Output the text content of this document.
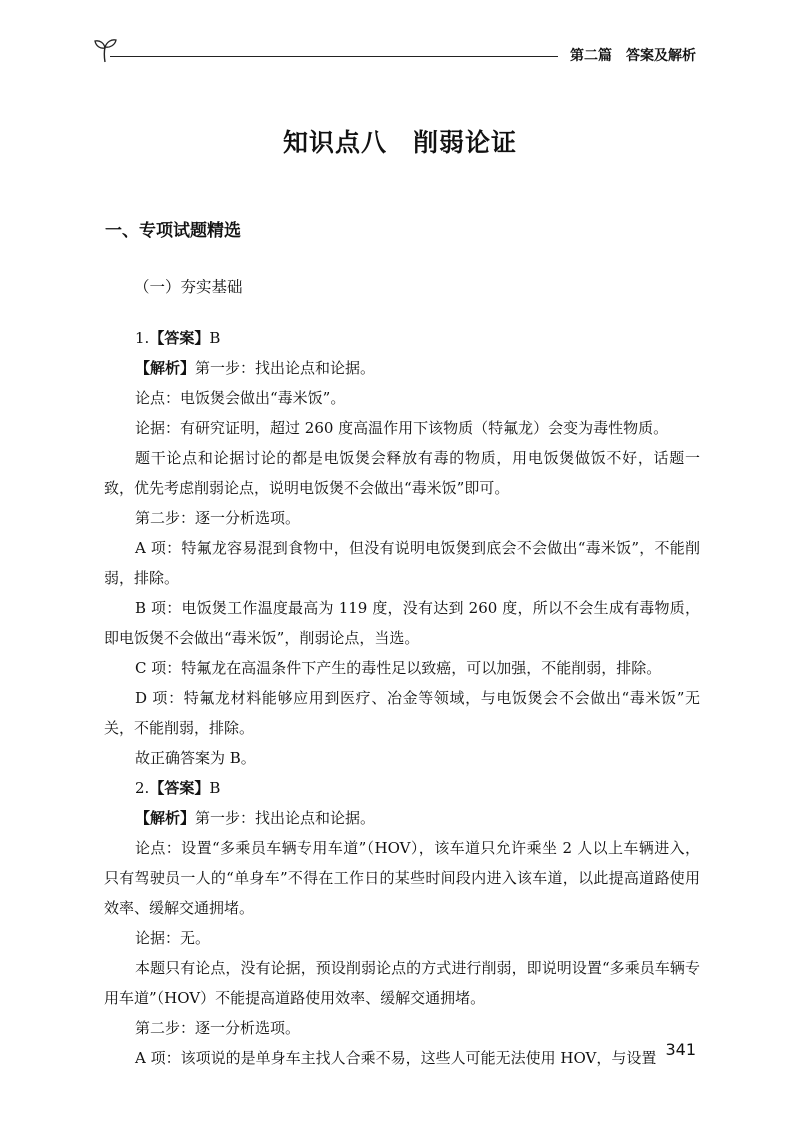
第二篇　答案及解析
知识点八　削弱论证
一、专项试题精选
（一）夯实基础

1.【答案】B

【解析】第一步：找出论点和论据。

论点：电饭煲会做出“毒米饭”。

论据：有研究证明，超过 260 度高温作用下该物质（特氟龙）会变为毒性物质。

题干论点和论据讨论的都是电饭煲会释放有毒的物质，用电饭煲做饭不好，话题一致，优先考虑削弱论点，说明电饭煲不会做出“毒米饭”即可。

第二步：逐一分析选项。

A 项：特氟龙容易混到食物中，但没有说明电饭煲到底会不会做出“毒米饭”，不能削弱，排除。

B 项：电饭煲工作温度最高为 119 度，没有达到 260 度，所以不会生成有毒物质，即电饭煲不会做出“毒米饭”，削弱论点，当选。

C 项：特氟龙在高温条件下产生的毒性足以致癌，可以加强，不能削弱，排除。

D 项：特氟龙材料能够应用到医疗、冶金等领域，与电饭煲会不会做出“毒米饭”无关，不能削弱，排除。

故正确答案为 B。

2.【答案】B

【解析】第一步：找出论点和论据。

论点：设置“多乘员车辆专用车道”（HOV），该车道只允许乘坐 2 人以上车辆进入，只有驾驶员一人的“单身车”不得在工作日的某些时间段内进入该车道，以此提高道路使用效率、缓解交通拥堵。

论据：无。

本题只有论点，没有论据，预设削弱论点的方式进行削弱，即说明设置“多乘员车辆专用车道”（HOV）不能提高道路使用效率、缓解交通拥堵。

第二步：逐一分析选项。

A 项：该项说的是单身车主找人合乘不易，这些人可能无法使用 HOV，与设置 341
